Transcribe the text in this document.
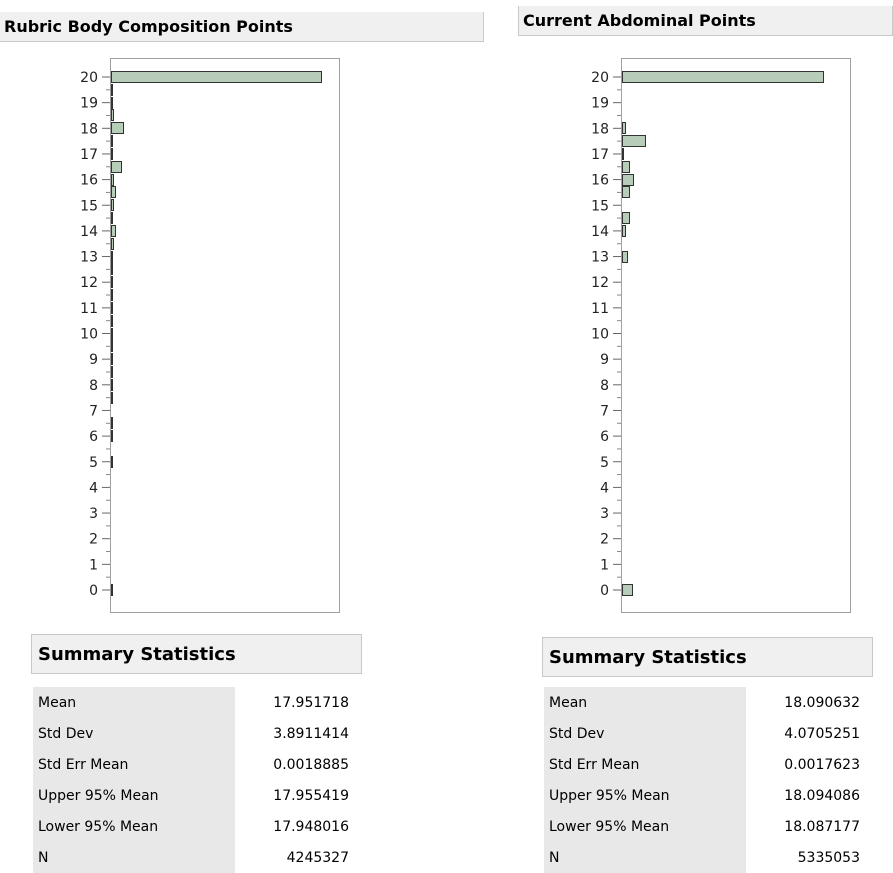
Rubric Body Composition Points
0
1
2
3
4
5
6
7
8
9
10
11
12
13
14
15
16
17
18
19
20
Summary Statistics
Mean	17.951718
Std Dev	3.8911414
Std Err Mean	0.0018885
Upper 95% Mean	17.955419
Lower 95% Mean	17.948016
N	4245327
Current Abdominal Points
0
1
2
3
4
5
6
7
8
9
10
11
12
13
14
15
16
17
18
19
20
Summary Statistics
Mean	18.090632
Std Dev	4.0705251
Std Err Mean	0.0017623
Upper 95% Mean	18.094086
Lower 95% Mean	18.087177
N	5335053
